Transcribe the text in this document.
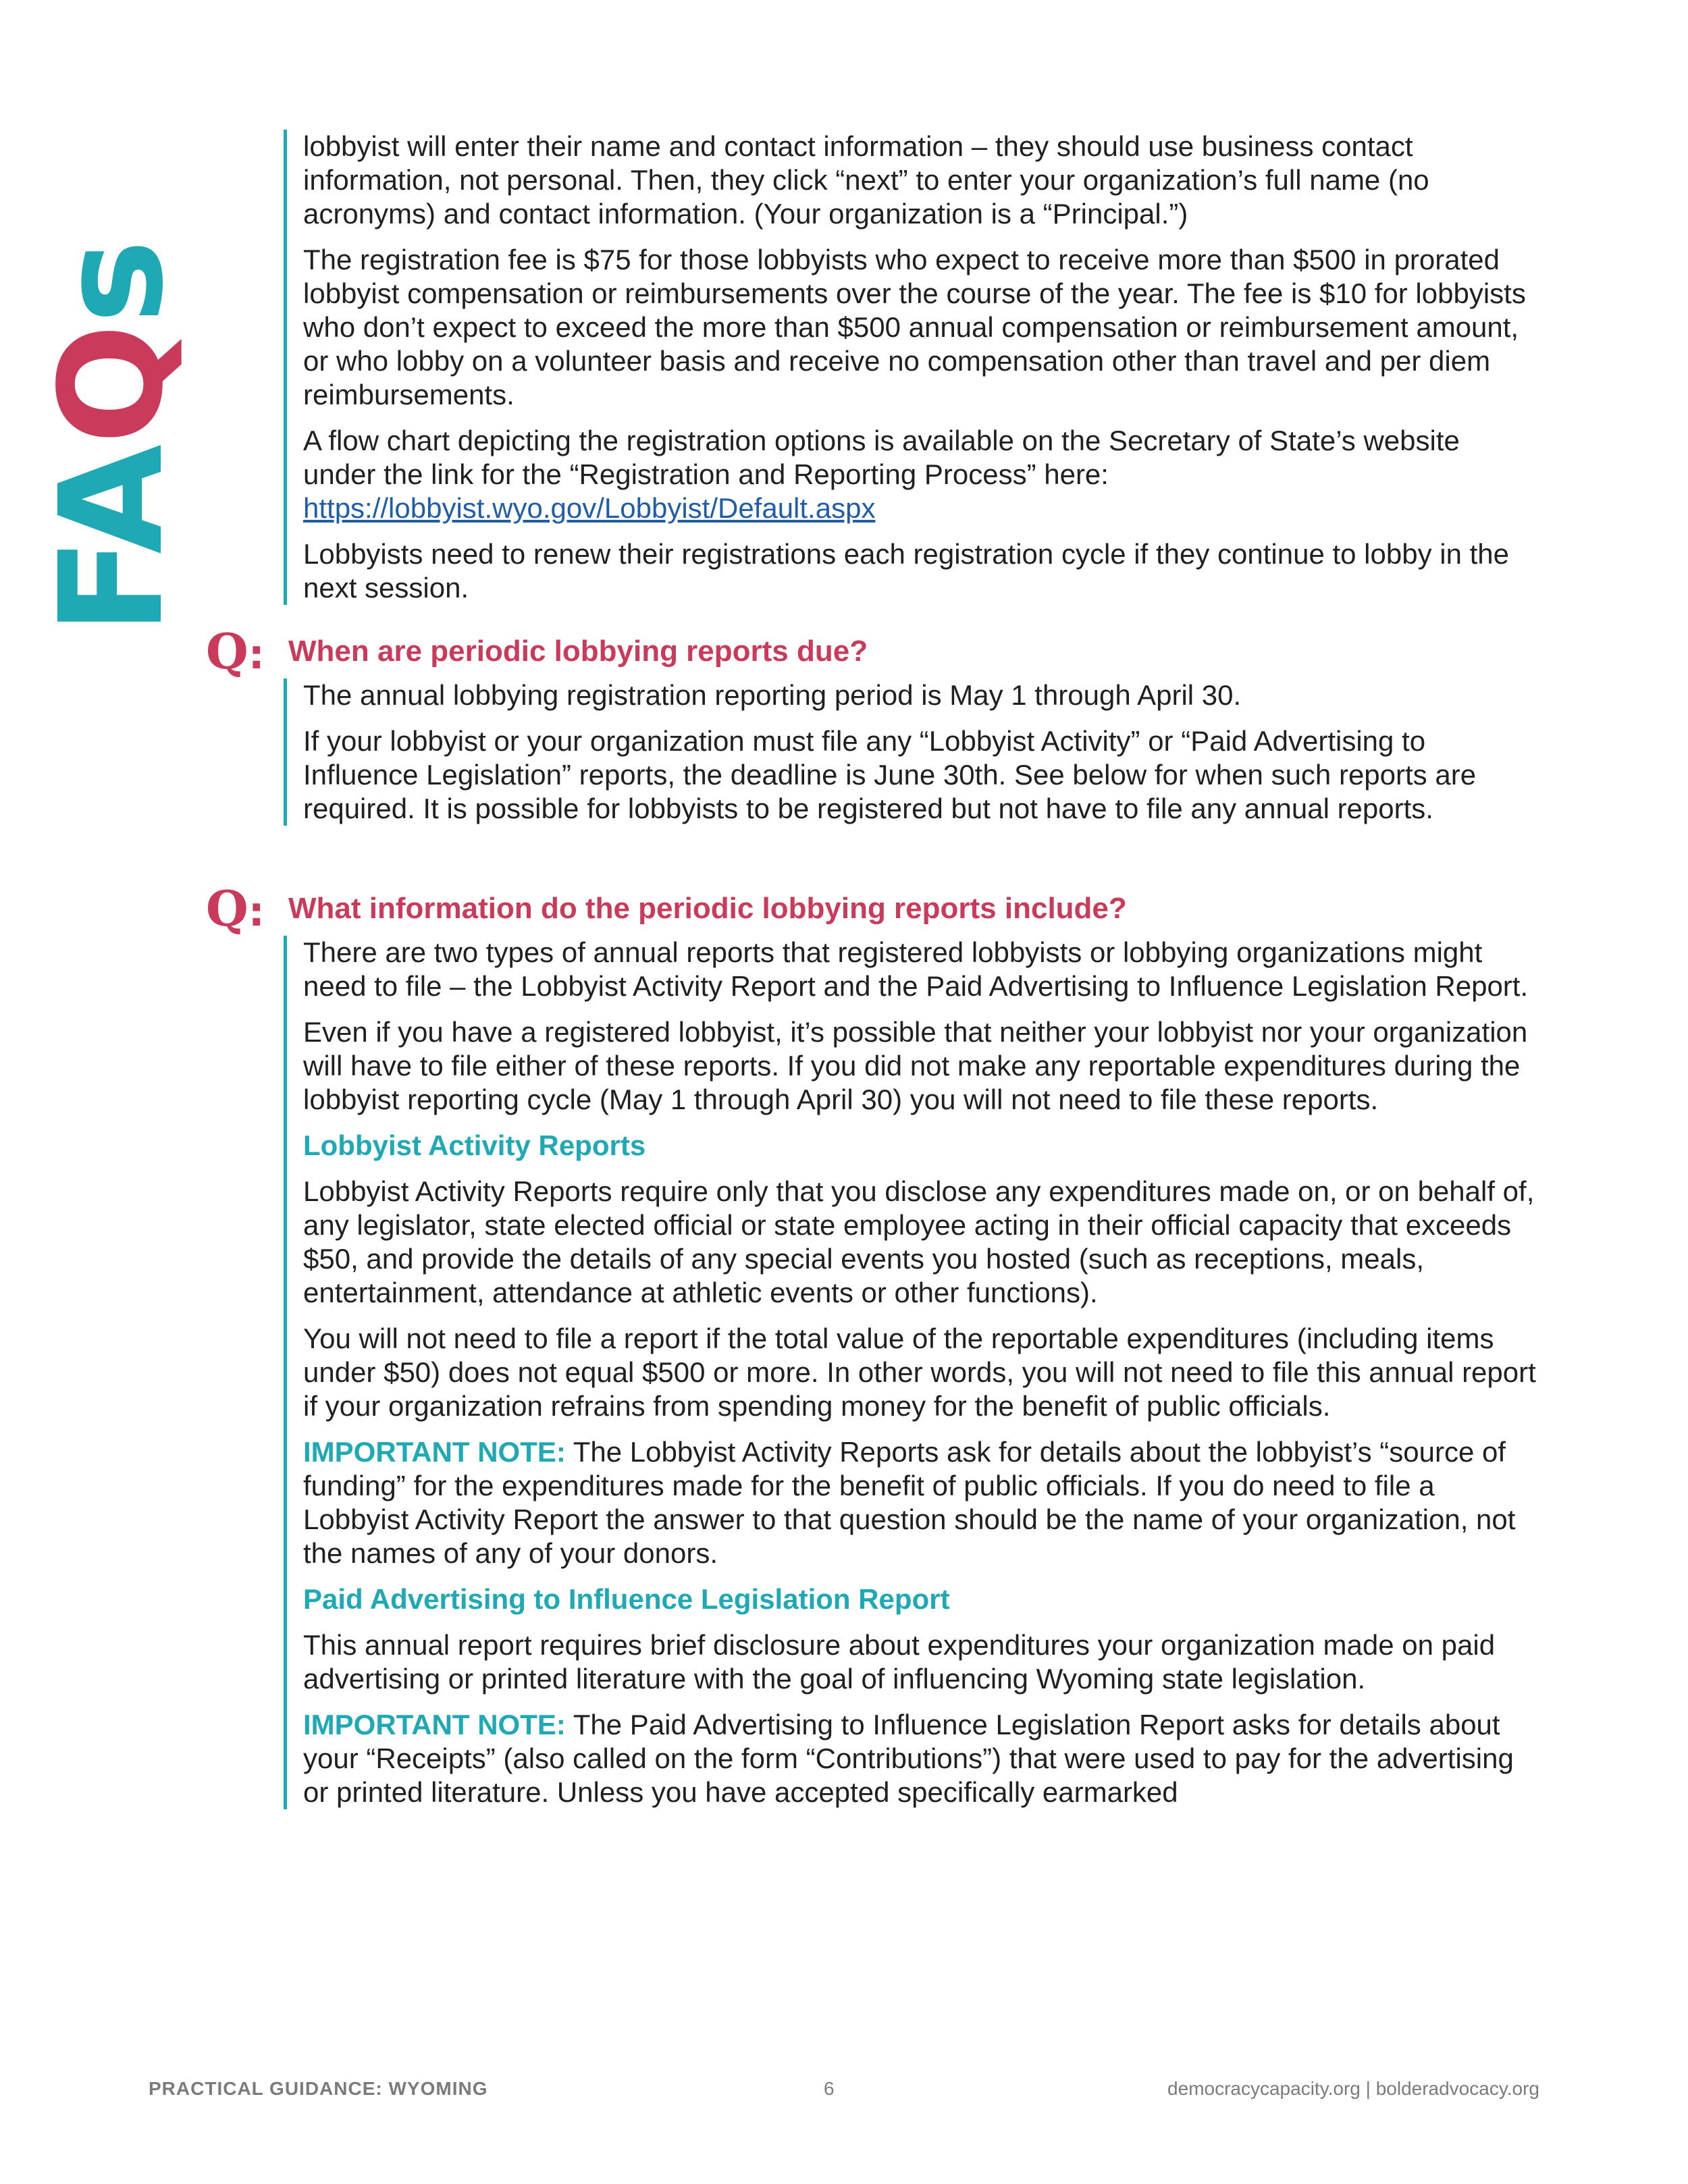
FAQs

lobbyist will enter their name and contact information – they should use business contact information, not personal. Then, they click “next” to enter your organization’s full name (no acronyms) and contact information. (Your organization is a “Principal.”)

The registration fee is $75 for those lobbyists who expect to receive more than $500 in prorated lobbyist compensation or reimbursements over the course of the year. The fee is $10 for lobbyists who don’t expect to exceed the more than $500 annual compensation or reimbursement amount, or who lobby on a volunteer basis and receive no compensation other than travel and per diem reimbursements.

A flow chart depicting the registration options is available on the Secretary of State’s website under the link for the “Registration and Reporting Process” here:
https://lobbyist.wyo.gov/Lobbyist/Default.aspx

Lobbyists need to renew their registrations each registration cycle if they continue to lobby in the next session.

Q: When are periodic lobbying reports due?

The annual lobbying registration reporting period is May 1 through April 30.

If your lobbyist or your organization must file any “Lobbyist Activity” or “Paid Advertising to Influence Legislation” reports, the deadline is June 30th. See below for when such reports are required. It is possible for lobbyists to be registered but not have to file any annual reports.

Q: What information do the periodic lobbying reports include?

There are two types of annual reports that registered lobbyists or lobbying organizations might need to file – the Lobbyist Activity Report and the Paid Advertising to Influence Legislation Report.

Even if you have a registered lobbyist, it’s possible that neither your lobbyist nor your organization will have to file either of these reports. If you did not make any reportable expenditures during the lobbyist reporting cycle (May 1 through April 30) you will not need to file these reports.

Lobbyist Activity Reports

Lobbyist Activity Reports require only that you disclose any expenditures made on, or on behalf of, any legislator, state elected official or state employee acting in their official capacity that exceeds $50, and provide the details of any special events you hosted (such as receptions, meals, entertainment, attendance at athletic events or other functions).

You will not need to file a report if the total value of the reportable expenditures (including items under $50) does not equal $500 or more. In other words, you will not need to file this annual report if your organization refrains from spending money for the benefit of public officials.

IMPORTANT NOTE: The Lobbyist Activity Reports ask for details about the lobbyist’s “source of funding” for the expenditures made for the benefit of public officials. If you do need to file a Lobbyist Activity Report the answer to that question should be the name of your organization, not the names of any of your donors.

Paid Advertising to Influence Legislation Report

This annual report requires brief disclosure about expenditures your organization made on paid advertising or printed literature with the goal of influencing Wyoming state legislation.

IMPORTANT NOTE: The Paid Advertising to Influence Legislation Report asks for details about your “Receipts” (also called on the form “Contributions”) that were used to pay for the advertising or printed literature. Unless you have accepted specifically earmarked

PRACTICAL GUIDANCE: WYOMING	6	democracycapacity.org | bolderadvocacy.org
